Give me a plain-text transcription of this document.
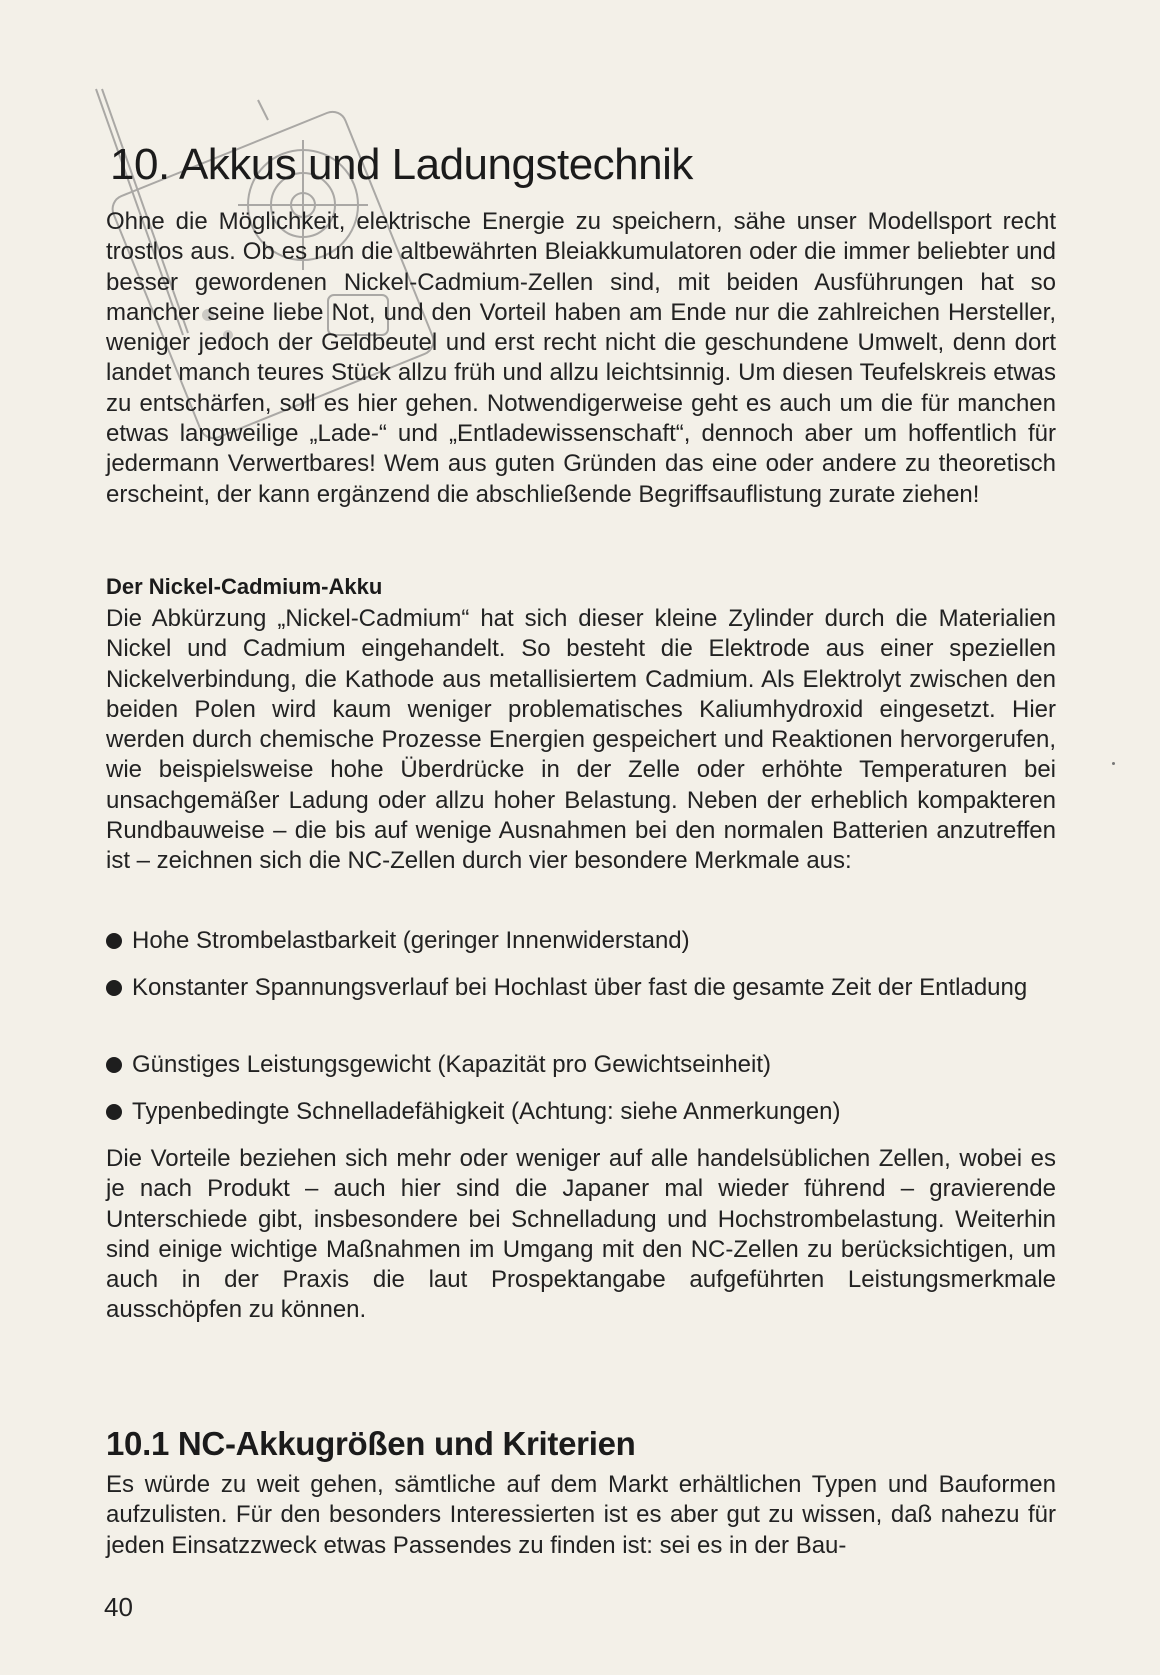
10. Akkus und Ladungstechnik

Ohne die Möglichkeit, elektrische Energie zu speichern, sähe unser Modellsport recht trostlos aus. Ob es nun die altbewährten Bleiakkumulatoren oder die immer beliebter und besser gewordenen Nickel-Cadmium-Zellen sind, mit beiden Ausführungen hat so mancher seine liebe Not, und den Vorteil haben am Ende nur die zahlreichen Hersteller, weniger jedoch der Geldbeutel und erst recht nicht die geschundene Umwelt, denn dort landet manch teures Stück allzu früh und allzu leichtsinnig. Um diesen Teufelskreis etwas zu entschärfen, soll es hier gehen. Notwendigerweise geht es auch um die für manchen etwas langweilige „Lade-“ und „Entladewissenschaft“, dennoch aber um hoffentlich für jedermann Verwertbares! Wem aus guten Gründen das eine oder andere zu theoretisch erscheint, der kann ergänzend die abschließende Begriffsauflistung zurate ziehen!

Der Nickel-Cadmium-Akku

Die Abkürzung „Nickel-Cadmium“ hat sich dieser kleine Zylinder durch die Materialien Nickel und Cadmium eingehandelt. So besteht die Elektrode aus einer speziellen Nickelverbindung, die Kathode aus metallisiertem Cadmium. Als Elektrolyt zwischen den beiden Polen wird kaum weniger problematisches Kaliumhydroxid eingesetzt. Hier werden durch chemische Prozesse Energien gespeichert und Reaktionen hervorgerufen, wie beispielsweise hohe Überdrücke in der Zelle oder erhöhte Temperaturen bei unsachgemäßer Ladung oder allzu hoher Belastung. Neben der erheblich kompakteren Rundbauweise – die bis auf wenige Ausnahmen bei den normalen Batterien anzutreffen ist – zeichnen sich die NC-Zellen durch vier besondere Merkmale aus:

Hohe Strombelastbarkeit (geringer Innenwiderstand)
Konstanter Spannungsverlauf bei Hochlast über fast die gesamte Zeit der Entladung
Günstiges Leistungsgewicht (Kapazität pro Gewichtseinheit)
Typenbedingte Schnelladefähigkeit (Achtung: siehe Anmerkungen)

Die Vorteile beziehen sich mehr oder weniger auf alle handelsüblichen Zellen, wobei es je nach Produkt – auch hier sind die Japaner mal wieder führend – gravierende Unterschiede gibt, insbesondere bei Schnelladung und Hochstrombelastung. Weiterhin sind einige wichtige Maßnahmen im Umgang mit den NC-Zellen zu berücksichtigen, um auch in der Praxis die laut Prospektangabe aufgeführten Leistungsmerkmale ausschöpfen zu können.

10.1 NC-Akkugrößen und Kriterien

Es würde zu weit gehen, sämtliche auf dem Markt erhältlichen Typen und Bauformen aufzulisten. Für den besonders Interessierten ist es aber gut zu wissen, daß nahezu für jeden Einsatzzweck etwas Passendes zu finden ist: sei es in der Bau-

40
